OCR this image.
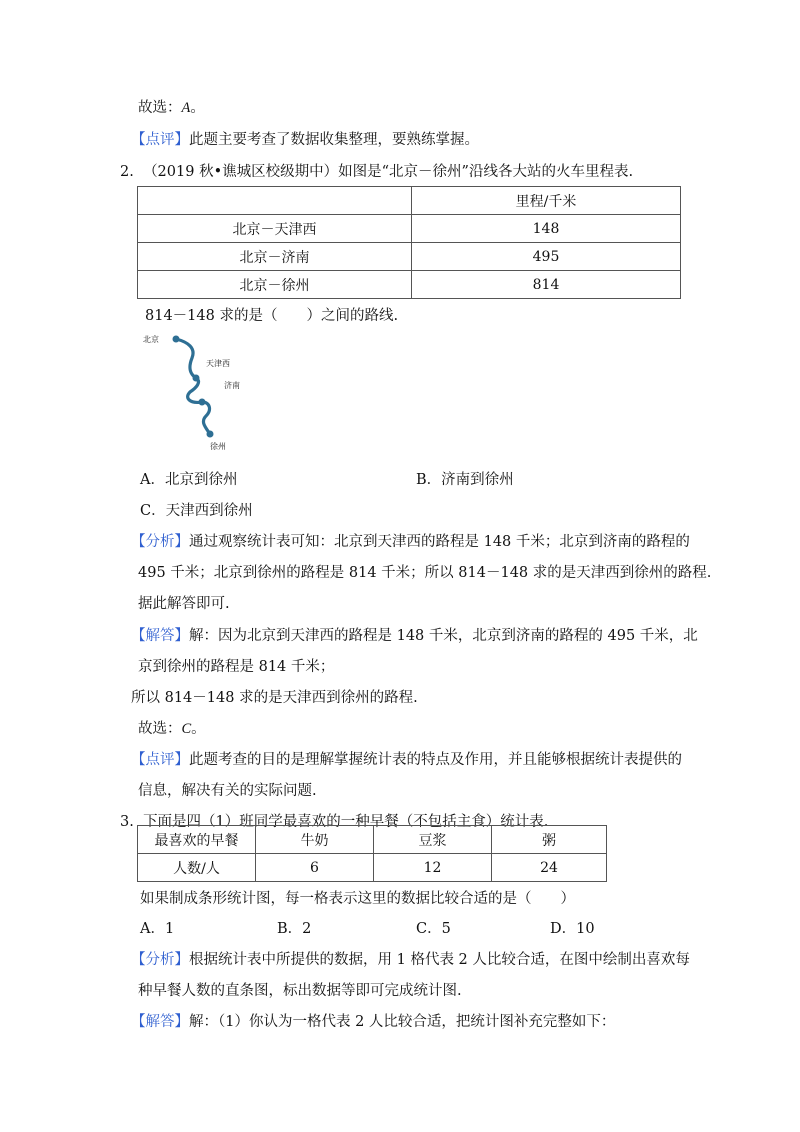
故选：A。
【点评】此题主要考查了数据收集整理，要熟练掌握。
2. （2019 秋•谯城区校级期中）如图是“北京－徐州”沿线各大站的火车里程表.
	里程/千米
北京－天津西	148
北京－济南	495
北京－徐州	814
814－148 求的是（　　）之间的路线.
北京
天津西
济南
徐州
A．北京到徐州	B．济南到徐州
C．天津西到徐州
【分析】通过观察统计表可知：北京到天津西的路程是 148 千米；北京到济南的路程的
495 千米；北京到徐州的路程是 814 千米；所以 814－148 求的是天津西到徐州的路程.
据此解答即可.
【解答】解：因为北京到天津西的路程是 148 千米，北京到济南的路程的 495 千米，北
京到徐州的路程是 814 千米；
所以 814－148 求的是天津西到徐州的路程.
故选：C。
【点评】此题考查的目的是理解掌握统计表的特点及作用，并且能够根据统计表提供的
信息，解决有关的实际问题.
3. 下面是四（1）班同学最喜欢的一种早餐（不包括主食）统计表.
最喜欢的早餐	牛奶	豆浆	粥
人数/人	6	12	24
如果制成条形统计图，每一格表示这里的数据比较合适的是（　　）
A．1	B．2	C．5	D．10
【分析】根据统计表中所提供的数据，用 1 格代表 2 人比较合适，在图中绘制出喜欢每
种早餐人数的直条图，标出数据等即可完成统计图.
【解答】解：（1）你认为一格代表 2 人比较合适，把统计图补充完整如下：
